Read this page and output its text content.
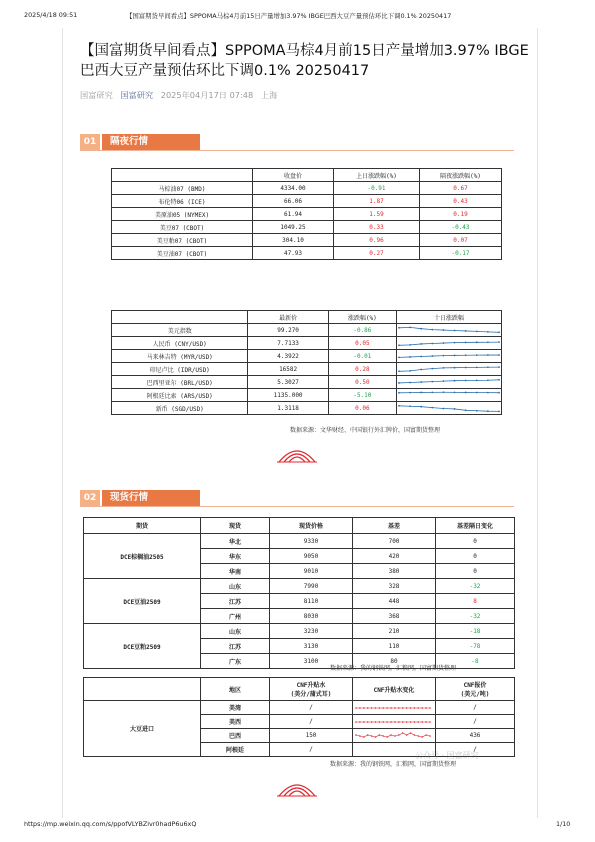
2025/4/18 09:51	【国富期货早间看点】SPPOMA马棕4月前15日产量增加3.97% IBGE巴西大豆产量预估环比下调0.1% 20250417
【国富期货早间看点】SPPOMA马棕4月前15日产量增加3.97% IBGE巴西大豆产量预估环比下调0.1% 20250417
国富研究 国富研究 2025年04月17日 07:48 上海
01	隔夜行情
	收盘价	上日涨跌幅(%)	隔夜涨跌幅(%)
马棕油07 (BMD)	4334.00	-0.91	0.67
布伦特06 (ICE)	66.06	1.87	0.43
美原油05 (NYMEX)	61.94	1.59	0.19
美豆07 (CBOT)	1049.25	0.33	-0.43
美豆粕07 (CBOT)	304.10	0.96	0.07
美豆油07 (CBOT)	47.93	0.27	-0.17
	最新价	涨跌幅(%)	十日涨跌幅
美元指数	99.270	-0.86	

人民币 (CNY/USD)	7.7133	0.05	

马来林吉特 (MYR/USD)	4.3922	-0.01	

印尼卢比 (IDR/USD)	16582	0.28	

巴西里亚尔 (BRL/USD)	5.3027	0.50	

阿根廷比索 (ARS/USD)	1135.000	-5.10	

新币 (SGD/USD)	1.3118	0.06	
数据来源：文华财经、中国银行外汇牌价，国富期货整理
02	现货行情
期货	现货	现货价格	基差	基差隔日变化
DCE棕榈油2505	华北	9330	700	0
	华东	9050	420	0
	华南	9010	380	0
DCE豆油2509	山东	7990	328	-32
	江苏	8110	448	8
	广州	8030	368	-32
DCE豆粕2509	山东	3230	210	-18
	江苏	3130	110	-78
	广东	3100	80	-8
数据来源：我的钢铁网，汇粮网，国富期货整理
	地区	CNF升贴水
(美分/蒲式耳)	CNF升贴水变化	CNF报价
(美元/吨)
大豆进口	美湾	/		/
	美西	/		/
	巴西	150		436
	阿根廷	/		/
数据来源：我的钢铁网，汇粮网，国富期货整理
公众号 · 国富研究
https://mp.weixin.qq.com/s/ppofVLYBZivr0hadP6u6xQ	1/10
